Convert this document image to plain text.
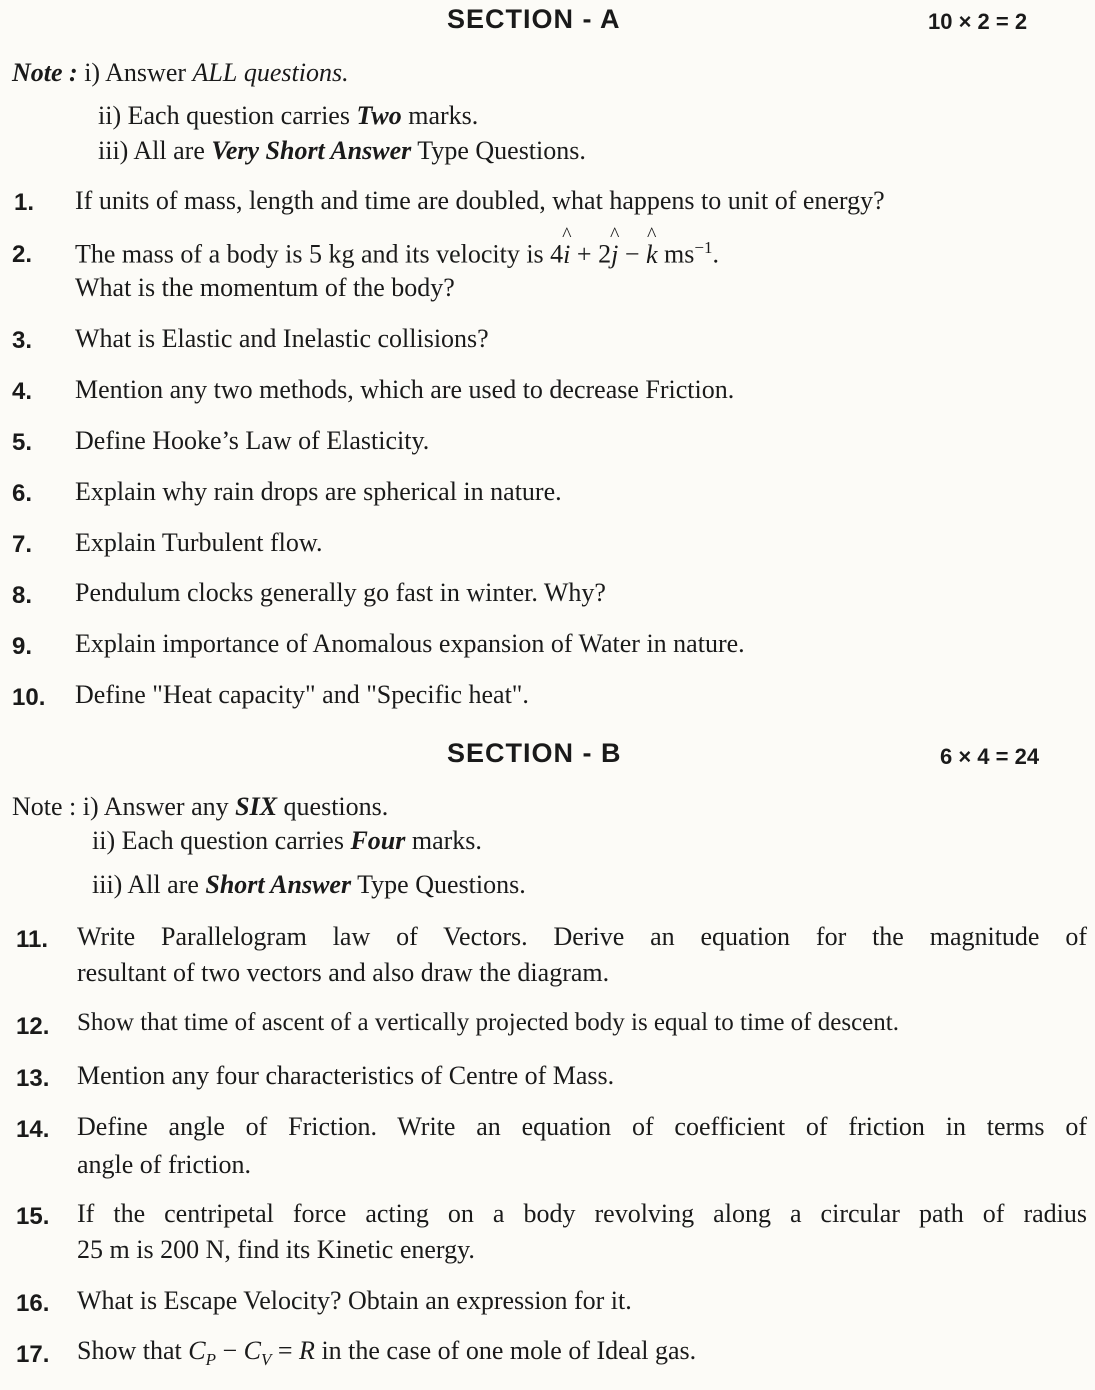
SECTION - A	10 × 2 = 2
Note : i) Answer ALL questions.
ii) Each question carries Two marks.
iii) All are Very Short Answer Type Questions.
1. If units of mass, length and time are doubled, what happens to unit of energy?
2. The mass of a body is 5 kg and its velocity is 4^ i + 2^ j − ^ k $ms^{-1}$.
What is the momentum of the body?
3. What is Elastic and Inelastic collisions?
4. Mention any two methods, which are used to decrease Friction.
5. Define Hooke’s Law of Elasticity.
6. Explain why rain drops are spherical in nature.
7. Explain Turbulent flow.
8. Pendulum clocks generally go fast in winter. Why?
9. Explain importance of Anomalous expansion of Water in nature.
10. Define "Heat capacity" and "Specific heat".
SECTION - B	6 × 4 = 24
Note : i) Answer any SIX questions.
ii) Each question carries Four marks.
iii) All are Short Answer Type Questions.
11. Write Parallelogram law of Vectors. Derive an equation for the magnitude of
resultant of two vectors and also draw the diagram.
12. Show that time of ascent of a vertically projected body is equal to time of descent.
13. Mention any four characteristics of Centre of Mass.
14. Define angle of Friction. Write an equation of coefficient of friction in terms of
angle of friction.
15. If the centripetal force acting on a body revolving along a circular path of radius
25 m is 200 N, find its Kinetic energy.
16. What is Escape Velocity? Obtain an expression for it.
17. Show that $C_P - C_V = R$ in the case of one mole of Ideal gas.
